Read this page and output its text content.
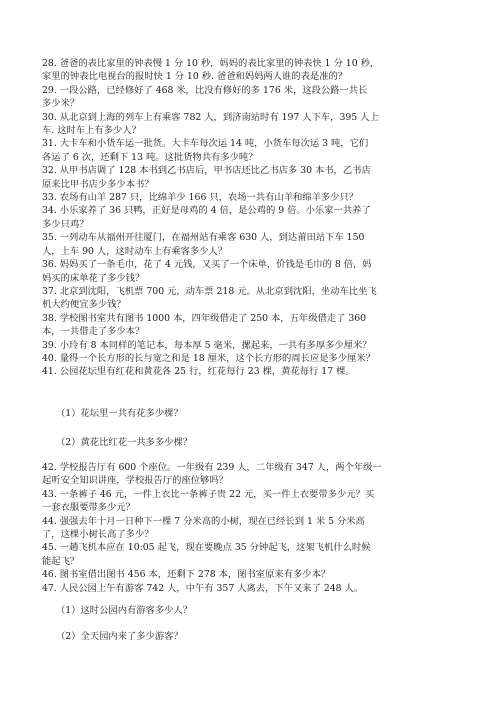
28. 爸爸的表比家里的钟表慢 1 分 10 秒，妈妈的表比家里的钟表快 1 分 10 秒，

家里的钟表比电视台的报时快 1 分 10 秒. 爸爸和妈妈两人谁的表是准的？

29. 一段公路，已经修好了 468 米，比没有修好的多 176 米，这段公路一共长

多少米？

30. 从北京到上海的列车上有乘客 782 人，到济南站时有 197 人下车，395 人上

车. 这时车上有多少人？

31. 大卡车和小货车运一批货。大卡车每次运 14 吨，小货车每次运 3 吨，它们

各运了 6 次，还剩下 13 吨。这批货物共有多少吨？

32. 从甲书店调了 128 本书到乙书店后，甲书店还比乙书店多 30 本书，乙书店

原来比甲书店少多少本书？

33. 农场有山羊 287 只，比绵羊少 166 只，农场一共有山羊和绵羊多少只？

34. 小乐家养了 36 只鸭，正好是母鸡的 4 倍，是公鸡的 9 倍。小乐家一共养了

多少只鸡？

35. 一列动车从福州开往厦门，在福州站有乘客 630 人，到达莆田站下车 150

人，上车 90 人，这时动车上有乘客多少人？

36. 妈妈买了一条毛巾，花了 4 元钱，又买了一个床单，价钱是毛巾的 8 倍，妈

妈买的床单花了多少钱？

37. 北京到沈阳，飞机票 700 元，动车票 218 元。从北京到沈阳，坐动车比坐飞

机大约便宜多少钱？

38. 学校图书室共有图书 1000 本，四年级借走了 250 本，五年级借走了 360

本，一共借走了多少本？

39. 小玲有 8 本同样的笔记本，每本厚 5 毫米，摞起来，一共有多厚多少厘米？

40. 量得一个长方形的长与宽之和是 18 厘米，这个长方形的周长应是多少厘米？

41. 公园花坛里有红花和黄花各 25 行，红花每行 23 棵，黄花每行 17 棵。

（1）花坛里一共有花多少棵？
（2）黄花比红花一共多多少棵？

42. 学校报告厅有 600 个座位。一年级有 239 人，二年级有 347 人，两个年级一

起听安全知识讲座，学校报告厅的座位够吗？

43. 一条裤子 46 元，一件上衣比一条裤子贵 22 元，买一件上衣要带多少元？买

一套衣服要带多少元？

44. 强强去年十月一日种下一棵 7 分米高的小树，现在已经长到 1 米 5 分米高

了，这棵小树长高了多少？

45. 一趟飞机本应在 10:05 起飞，现在要晚点 35 分钟起飞，这架飞机什么时候

能起飞？

46. 图书室借出图书 456 本，还剩下 278 本，图书室原来有多少本？

47. 人民公园上午有游客 742 人，中午有 357 人离去，下午又来了 248 人。

（1）这时公园内有游客多少人？
（2）全天园内来了多少游客？
